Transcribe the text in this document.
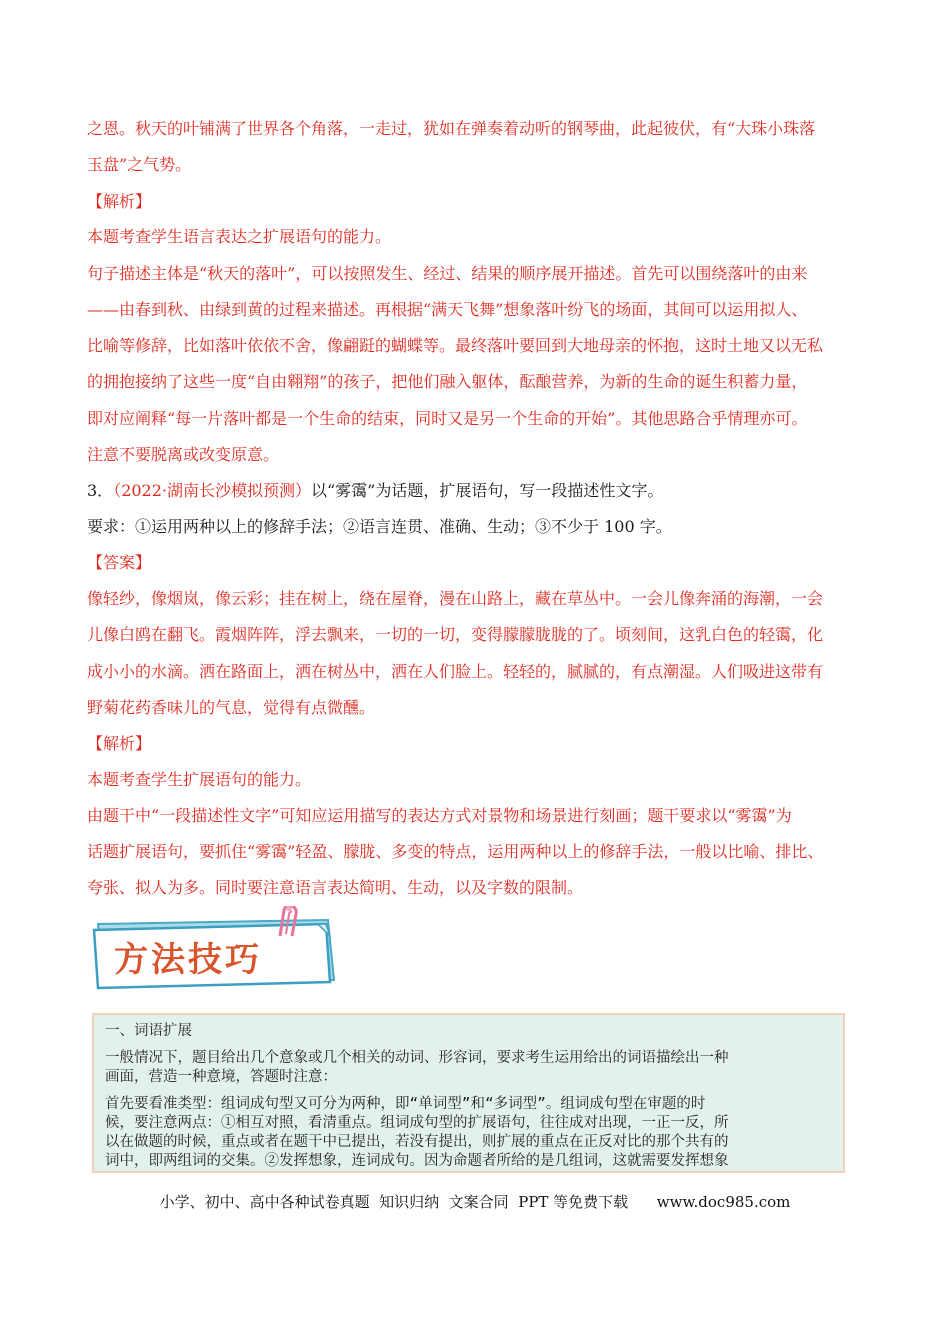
之恩。秋天的叶铺满了世界各个角落，一走过，犹如在弹奏着动听的钢琴曲，此起彼伏，有“大珠小珠落
玉盘”之气势。
【解析】
本题考查学生语言表达之扩展语句的能力。
句子描述主体是“秋天的落叶”，可以按照发生、经过、结果的顺序展开描述。首先可以围绕落叶的由来
——由春到秋、由绿到黄的过程来描述。再根据“满天飞舞”想象落叶纷飞的场面，其间可以运用拟人、
比喻等修辞，比如落叶依依不舍，像翩跹的蝴蝶等。最终落叶要回到大地母亲的怀抱，这时土地又以无私
的拥抱接纳了这些一度“自由翱翔”的孩子，把他们融入躯体，酝酿营养，为新的生命的诞生积蓄力量，
即对应阐释“每一片落叶都是一个生命的结束，同时又是另一个生命的开始”。其他思路合乎情理亦可。
注意不要脱离或改变原意。
3．（2022·湖南长沙模拟预测）以“雾霭”为话题，扩展语句，写一段描述性文字。
要求：①运用两种以上的修辞手法；②语言连贯、准确、生动；③不少于 100 字。
【答案】
像轻纱，像烟岚，像云彩；挂在树上，绕在屋脊，漫在山路上，藏在草丛中。一会儿像奔涌的海潮，一会
儿像白鸥在翻飞。霞烟阵阵，浮去飘来，一切的一切，变得朦朦胧胧的了。顷刻间，这乳白色的轻霭，化
成小小的水滴。洒在路面上，洒在树丛中，洒在人们脸上。轻轻的，腻腻的，有点潮湿。人们吸进这带有
野菊花药香味儿的气息，觉得有点微醺。
【解析】
本题考查学生扩展语句的能力。
由题干中“一段描述性文字”可知应运用描写的表达方式对景物和场景进行刻画；题干要求以“雾霭”为
话题扩展语句，要抓住“雾霭”轻盈、朦胧、多变的特点，运用两种以上的修辞手法，一般以比喻、排比、
夸张、拟人为多。同时要注意语言表达简明、生动，以及字数的限制。
方法技巧
一、词语扩展
一般情况下，题目给出几个意象或几个相关的动词、形容词，要求考生运用给出的词语描绘出一种
画面，营造一种意境，答题时注意：
首先要看准类型：组词成句型又可分为两种，即“单词型”和“多词型”。组词成句型在审题的时
候，要注意两点：①相互对照，看清重点。组词成句型的扩展语句，往往成对出现，一正一反，所
以在做题的时候，重点或者在题干中已提出，若没有提出，则扩展的重点在正反对比的那个共有的
词中，即两组词的交集。②发挥想象，连词成句。因为命题者所给的是几组词，这就需要发挥想象
小学、初中、高中各种试卷真题  知识归纳  文案合同  PPT 等免费下载      www.doc985.com
